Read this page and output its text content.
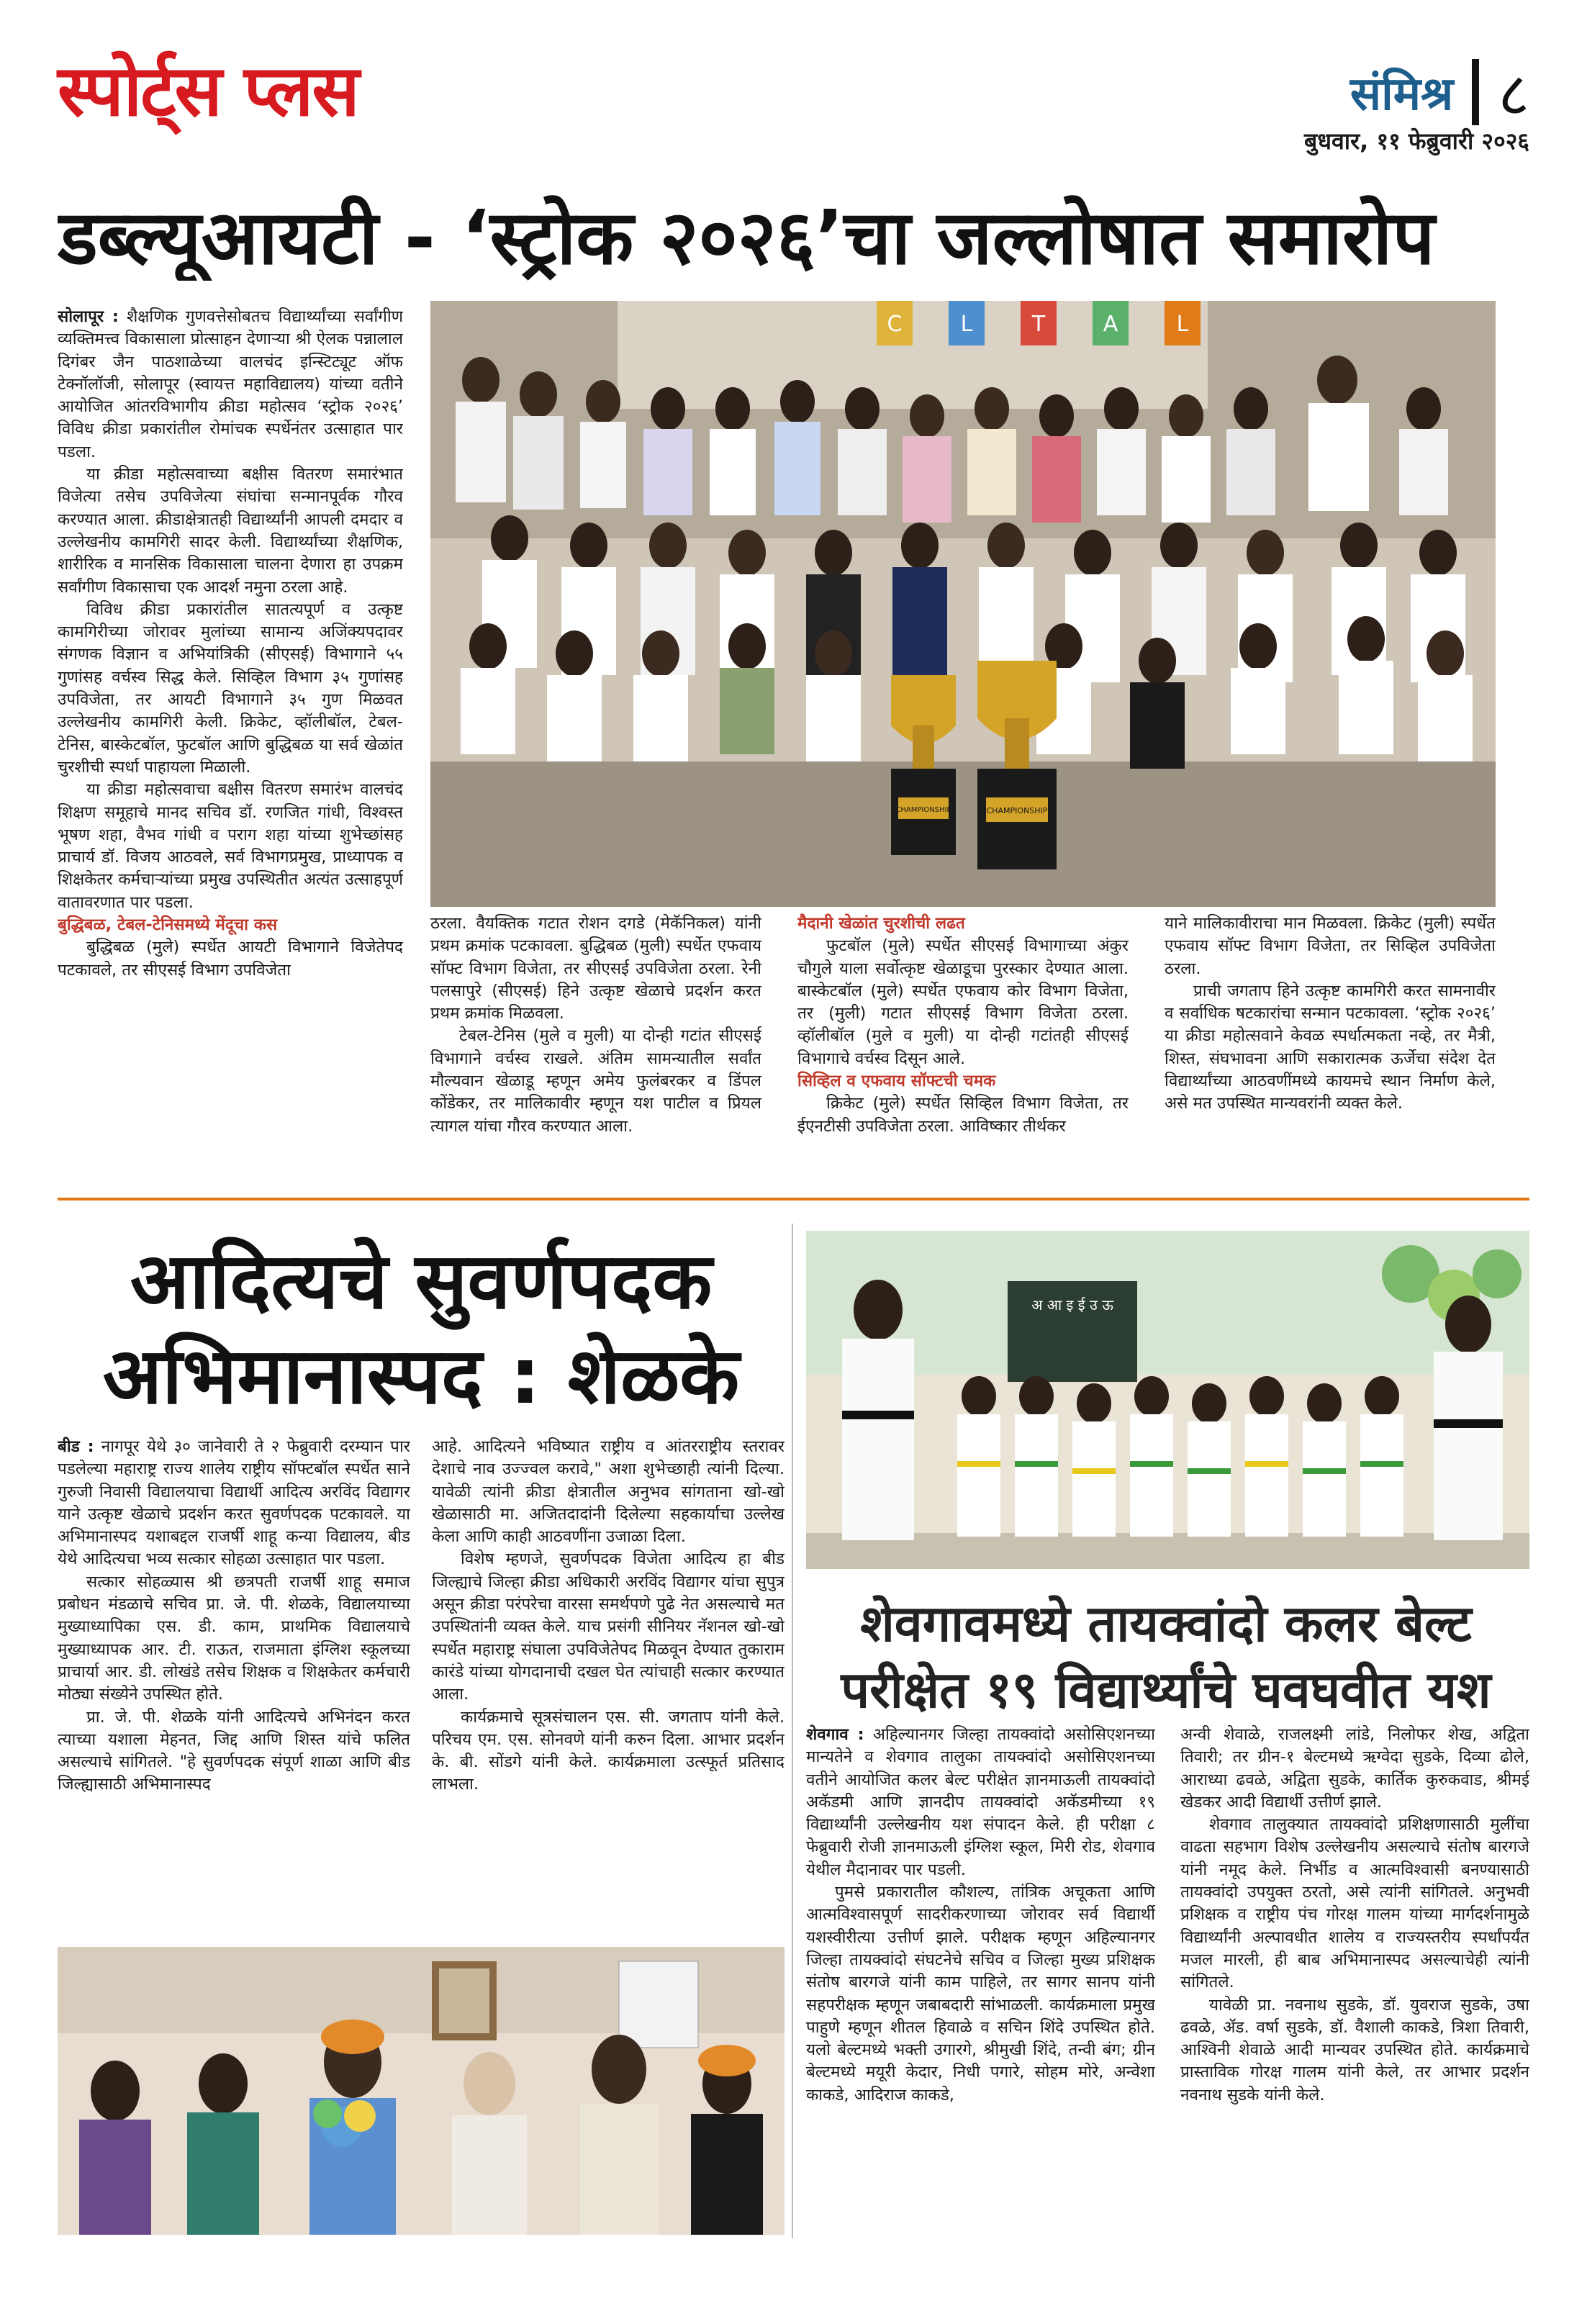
स्पोर्ट्स प्लस	संमिश्र ८
बुधवार, ११ फेब्रुवारी २०२६
डब्ल्यूआयटी - ‘स्ट्रोक २०२६’चा जल्लोषात समारोप

सोलापूर : शैक्षणिक गुणवत्तेसोबतच विद्यार्थ्यांच्या सर्वांगीण व्यक्तिमत्त्व विकासाला प्रोत्साहन देणाऱ्या श्री ऐलक पन्नालाल दिगंबर जैन पाठशाळेच्या वालचंद इन्स्टिट्यूट ऑफ टेक्नॉलॉजी, सोलापूर (स्वायत्त महाविद्यालय) यांच्या वतीने आयोजित आंतरविभागीय क्रीडा महोत्सव ‘स्ट्रोक २०२६’ विविध क्रीडा प्रकारांतील रोमांचक स्पर्धेनंतर उत्साहात पार पडला.

या क्रीडा महोत्सवाच्या बक्षीस वितरण समारंभात विजेत्या तसेच उपविजेत्या संघांचा सन्मानपूर्वक गौरव करण्यात आला. क्रीडाक्षेत्रातही विद्यार्थ्यांनी आपली दमदार व उल्लेखनीय कामगिरी सादर केली. विद्यार्थ्यांच्या शैक्षणिक, शारीरिक व मानसिक विकासाला चालना देणारा हा उपक्रम सर्वांगीण विकासाचा एक आदर्श नमुना ठरला आहे.

विविध क्रीडा प्रकारांतील सातत्यपूर्ण व उत्कृष्ट कामगिरीच्या जोरावर मुलांच्या सामान्य अजिंक्यपदावर संगणक विज्ञान व अभियांत्रिकी (सीएसई) विभागाने ५५ गुणांसह वर्चस्व सिद्ध केले. सिव्हिल विभाग ३५ गुणांसह उपविजेता, तर आयटी विभागाने ३५ गुण मिळवत उल्लेखनीय कामगिरी केली. क्रिकेट, व्हॉलीबॉल, टेबल-टेनिस, बास्केटबॉल, फुटबॉल आणि बुद्धिबळ या सर्व खेळांत चुरशीची स्पर्धा पाहायला मिळाली.

या क्रीडा महोत्सवाचा बक्षीस वितरण समारंभ वालचंद शिक्षण समूहाचे मानद सचिव डॉ. रणजित गांधी, विश्वस्त भूषण शहा, वैभव गांधी व पराग शहा यांच्या शुभेच्छांसह प्राचार्य डॉ. विजय आठवले, सर्व विभागप्रमुख, प्राध्यापक व शिक्षकेतर कर्मचाऱ्यांच्या प्रमुख उपस्थितीत अत्यंत उत्साहपूर्ण वातावरणात पार पडला.

बुद्धिबळ, टेबल-टेनिसमध्ये मेंदूचा कस

बुद्धिबळ (मुले) स्पर्धेत आयटी विभागाने विजेतेपद पटकावले, तर सीएसई विभाग उपविजेता

C	L	T	A	L
CHAMPIONSHIP	CHAMPIONSHIP

ठरला. वैयक्तिक गटात रोशन दगडे (मेकॅनिकल) यांनी प्रथम क्रमांक पटकावला. बुद्धिबळ (मुली) स्पर्धेत एफवाय सॉफ्ट विभाग विजेता, तर सीएसई उपविजेता ठरला. रेनी पलसापुरे (सीएसई) हिने उत्कृष्ट खेळाचे प्रदर्शन करत प्रथम क्रमांक मिळवला.

टेबल-टेनिस (मुले व मुली) या दोन्ही गटांत सीएसई विभागाने वर्चस्व राखले. अंतिम सामन्यातील सर्वांत मौल्यवान खेळाडू म्हणून अमेय फुलंबरकर व डिंपल कोंडेकर, तर मालिकावीर म्हणून यश पाटील व प्रियल त्यागल यांचा गौरव करण्यात आला.

मैदानी खेळांत चुरशीची लढत

फुटबॉल (मुले) स्पर्धेत सीएसई विभागाच्या अंकुर चौगुले याला सर्वोत्कृष्ट खेळाडूचा पुरस्कार देण्यात आला. बास्केटबॉल (मुले) स्पर्धेत एफवाय कोर विभाग विजेता, तर (मुली) गटात सीएसई विभाग विजेता ठरला. व्हॉलीबॉल (मुले व मुली) या दोन्ही गटांतही सीएसई विभागाचे वर्चस्व दिसून आले.

सिव्हिल व एफवाय सॉफ्टची चमक

क्रिकेट (मुले) स्पर्धेत सिव्हिल विभाग विजेता, तर ईएनटीसी उपविजेता ठरला. आविष्कार तीर्थकर

याने मालिकावीराचा मान मिळवला. क्रिकेट (मुली) स्पर्धेत एफवाय सॉफ्ट विभाग विजेता, तर सिव्हिल उपविजेता ठरला.

प्राची जगताप हिने उत्कृष्ट कामगिरी करत सामनावीर व सर्वाधिक षटकारांचा सन्मान पटकावला. ‘स्ट्रोक २०२६’ या क्रीडा महोत्सवाने केवळ स्पर्धात्मकता नव्हे, तर मैत्री, शिस्त, संघभावना आणि सकारात्मक ऊर्जेचा संदेश देत विद्यार्थ्यांच्या आठवणींमध्ये कायमचे स्थान निर्माण केले, असे मत उपस्थित मान्यवरांनी व्यक्त केले.

आदित्यचे सुवर्णपदक अभिमानास्पद : शेळके

बीड : नागपूर येथे ३० जानेवारी ते २ फेब्रुवारी दरम्यान पार पडलेल्या महाराष्ट्र राज्य शालेय राष्ट्रीय सॉफ्टबॉल स्पर्धेत साने गुरुजी निवासी विद्यालयाचा विद्यार्थी आदित्य अरविंद विद्यागर याने उत्कृष्ट खेळाचे प्रदर्शन करत सुवर्णपदक पटकावले. या अभिमानास्पद यशाबद्दल राजर्षी शाहू कन्या विद्यालय, बीड येथे आदित्यचा भव्य सत्कार सोहळा उत्साहात पार पडला.

सत्कार सोहळ्यास श्री छत्रपती राजर्षी शाहू समाज प्रबोधन मंडळाचे सचिव प्रा. जे. पी. शेळके, विद्यालयाच्या मुख्याध्यापिका एस. डी. काम, प्राथमिक विद्यालयाचे मुख्याध्यापक आर. टी. राऊत, राजमाता इंग्लिश स्कूलच्या प्राचार्या आर. डी. लोखंडे तसेच शिक्षक व शिक्षकेतर कर्मचारी मोठ्या संख्येने उपस्थित होते.

प्रा. जे. पी. शेळके यांनी आदित्यचे अभिनंदन करत त्याच्या यशाला मेहनत, जिद्द आणि शिस्त यांचे फलित असल्याचे सांगितले. "हे सुवर्णपदक संपूर्ण शाळा आणि बीड जिल्ह्यासाठी अभिमानास्पद

आहे. आदित्यने भविष्यात राष्ट्रीय व आंतरराष्ट्रीय स्तरावर देशाचे नाव उज्ज्वल करावे," अशा शुभेच्छाही त्यांनी दिल्या. यावेळी त्यांनी क्रीडा क्षेत्रातील अनुभव सांगताना खो-खो खेळासाठी मा. अजितदादांनी दिलेल्या सहकार्याचा उल्लेख केला आणि काही आठवणींना उजाळा दिला.

विशेष म्हणजे, सुवर्णपदक विजेता आदित्य हा बीड जिल्ह्याचे जिल्हा क्रीडा अधिकारी अरविंद विद्यागर यांचा सुपुत्र असून क्रीडा परंपरेचा वारसा समर्थपणे पुढे नेत असल्याचे मत उपस्थितांनी व्यक्त केले. याच प्रसंगी सीनियर नॅशनल खो-खो स्पर्धेत महाराष्ट्र संघाला उपविजेतेपद मिळवून देण्यात तुकाराम कारंडे यांच्या योगदानाची दखल घेत त्यांचाही सत्कार करण्यात आला.

कार्यक्रमाचे सूत्रसंचालन एस. सी. जगताप यांनी केले. परिचय एम. एस. सोनवणे यांनी करुन दिला. आभार प्रदर्शन के. बी. सोंडगे यांनी केले. कार्यक्रमाला उत्स्फूर्त प्रतिसाद लाभला.

अ आ इ ई उ ऊ
शेवगावमध्ये तायक्वांदो कलर बेल्ट परीक्षेत १९ विद्यार्थ्यांचे घवघवीत यश

शेवगाव : अहिल्यानगर जिल्हा तायक्वांदो असोसिएशनच्या मान्यतेने व शेवगाव तालुका तायक्वांदो असोसिएशनच्या वतीने आयोजित कलर बेल्ट परीक्षेत ज्ञानमाऊली तायक्वांदो अकॅडमी आणि ज्ञानदीप तायक्वांदो अकॅडमीच्या १९ विद्यार्थ्यांनी उल्लेखनीय यश संपादन केले. ही परीक्षा ८ फेब्रुवारी रोजी ज्ञानमाऊली इंग्लिश स्कूल, मिरी रोड, शेवगाव येथील मैदानावर पार पडली.

पुमसे प्रकारातील कौशल्य, तांत्रिक अचूकता आणि आत्मविश्वासपूर्ण सादरीकरणाच्या जोरावर सर्व विद्यार्थी यशस्वीरीत्या उत्तीर्ण झाले. परीक्षक म्हणून अहिल्यानगर जिल्हा तायक्वांदो संघटनेचे सचिव व जिल्हा मुख्य प्रशिक्षक संतोष बारगजे यांनी काम पाहिले, तर सागर सानप यांनी सहपरीक्षक म्हणून जबाबदारी सांभाळली. कार्यक्रमाला प्रमुख पाहुणे म्हणून शीतल हिवाळे व सचिन शिंदे उपस्थित होते. यलो बेल्टमध्ये भक्ती उगारगे, श्रीमुखी शिंदे, तन्वी बंग; ग्रीन बेल्टमध्ये मयूरी केदार, निधी पगारे, सोहम मोरे, अन्वेशा काकडे, आदिराज काकडे,

अन्वी शेवाळे, राजलक्ष्मी लांडे, निलोफर शेख, अद्विता तिवारी; तर ग्रीन-१ बेल्टमध्ये ऋग्वेदा सुडके, दिव्या ढोले, आराध्या ढवळे, अद्विता सुडके, कार्तिक कुरुकवाड, श्रीमई खेडकर आदी विद्यार्थी उत्तीर्ण झाले.

शेवगाव तालुक्यात तायक्वांदो प्रशिक्षणासाठी मुलींचा वाढता सहभाग विशेष उल्लेखनीय असल्याचे संतोष बारगजे यांनी नमूद केले. निर्भीड व आत्मविश्वासी बनण्यासाठी तायक्वांदो उपयुक्त ठरतो, असे त्यांनी सांगितले. अनुभवी प्रशिक्षक व राष्ट्रीय पंच गोरक्ष गालम यांच्या मार्गदर्शनामुळे विद्यार्थ्यांनी अल्पावधीत शालेय व राज्यस्तरीय स्पर्धांपर्यंत मजल मारली, ही बाब अभिमानास्पद असल्याचेही त्यांनी सांगितले.

यावेळी प्रा. नवनाथ सुडके, डॉ. युवराज सुडके, उषा ढवळे, ॲड. वर्षा सुडके, डॉ. वैशाली काकडे, त्रिशा तिवारी, आश्विनी शेवाळे आदी मान्यवर उपस्थित होते. कार्यक्रमाचे प्रास्ताविक गोरक्ष गालम यांनी केले, तर आभार प्रदर्शन नवनाथ सुडके यांनी केले.
